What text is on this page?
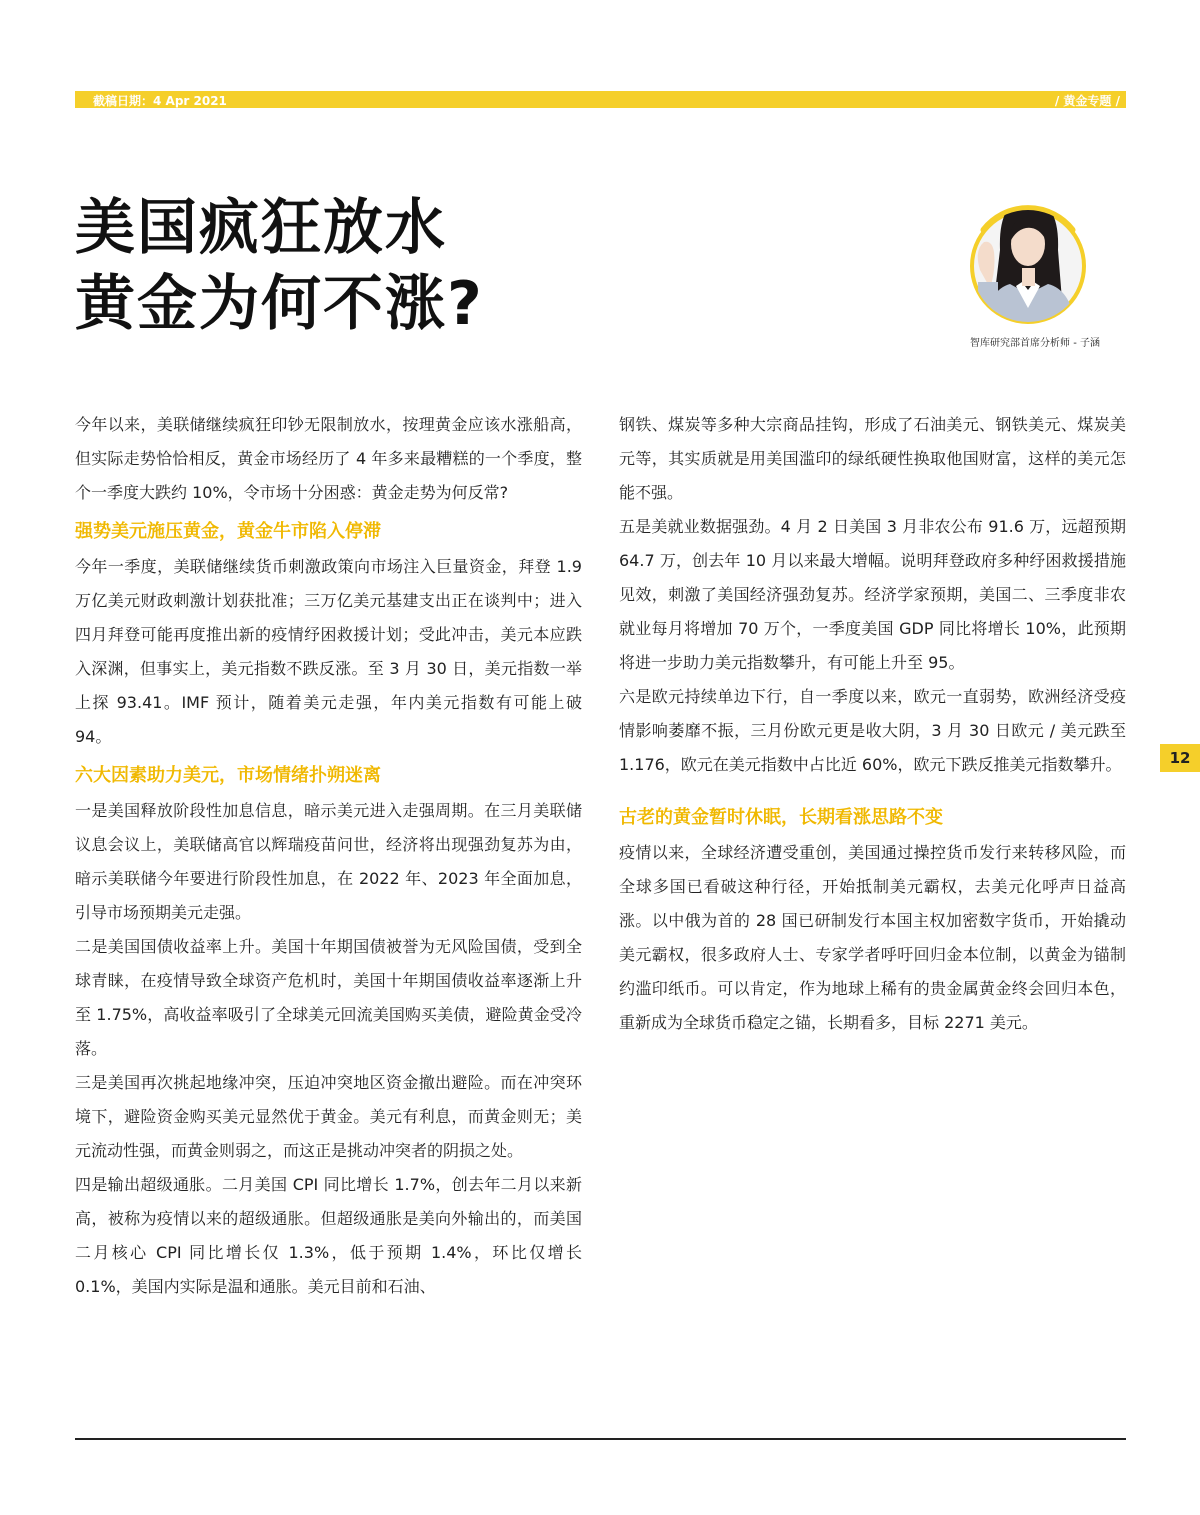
截稿日期：4 Apr 2021	/ 黄金专题 /
美国疯狂放水
黄金为何不涨?
智库研究部首席分析师 - 子涵

今年以来，美联储继续疯狂印钞无限制放水，按理黄金应该水涨船高，但实际走势恰恰相反，黄金市场经历了 4 年多来最糟糕的一个季度，整个一季度大跌约 10%，令市场十分困惑：黄金走势为何反常?

强势美元施压黄金，黄金牛市陷入停滞

今年一季度，美联储继续货币刺激政策向市场注入巨量资金，拜登 1.9 万亿美元财政刺激计划获批准；三万亿美元基建支出正在谈判中；进入四月拜登可能再度推出新的疫情纾困救援计划；受此冲击，美元本应跌入深渊，但事实上，美元指数不跌反涨。至 3 月 30 日，美元指数一举上探 93.41。IMF 预计，随着美元走强，年内美元指数有可能上破 94。

六大因素助力美元，市场情绪扑朔迷离

一是美国释放阶段性加息信息，暗示美元进入走强周期。在三月美联储议息会议上，美联储高官以辉瑞疫苗问世，经济将出现强劲复苏为由，暗示美联储今年要进行阶段性加息，在 2022 年、2023 年全面加息，引导市场预期美元走强。

二是美国国债收益率上升。美国十年期国债被誉为无风险国债，受到全球青睐，在疫情导致全球资产危机时，美国十年期国债收益率逐渐上升至 1.75%，高收益率吸引了全球美元回流美国购买美债，避险黄金受冷落。

三是美国再次挑起地缘冲突，压迫冲突地区资金撤出避险。而在冲突环境下，避险资金购买美元显然优于黄金。美元有利息，而黄金则无；美元流动性强，而黄金则弱之，而这正是挑动冲突者的阴损之处。

四是输出超级通胀。二月美国 CPI 同比增长 1.7%，创去年二月以来新高，被称为疫情以来的超级通胀。但超级通胀是美向外输出的，而美国二月核心 CPI 同比增长仅 1.3%，低于预期 1.4%，环比仅增长 0.1%，美国内实际是温和通胀。美元目前和石油、

钢铁、煤炭等多种大宗商品挂钩，形成了石油美元、钢铁美元、煤炭美元等，其实质就是用美国滥印的绿纸硬性换取他国财富，这样的美元怎能不强。

五是美就业数据强劲。4 月 2 日美国 3 月非农公布 91.6 万，远超预期 64.7 万，创去年 10 月以来最大增幅。说明拜登政府多种纾困救援措施见效，刺激了美国经济强劲复苏。经济学家预期，美国二、三季度非农就业每月将增加 70 万个，一季度美国 GDP 同比将增长 10%，此预期将进一步助力美元指数攀升，有可能上升至 95。

六是欧元持续单边下行，自一季度以来，欧元一直弱势，欧洲经济受疫情影响萎靡不振，三月份欧元更是收大阴，3 月 30 日欧元 / 美元跌至 1.176，欧元在美元指数中占比近 60%，欧元下跌反推美元指数攀升。

古老的黄金暂时休眠，长期看涨思路不变

疫情以来，全球经济遭受重创，美国通过操控货币发行来转移风险，而全球多国已看破这种行径，开始抵制美元霸权，去美元化呼声日益高涨。以中俄为首的 28 国已研制发行本国主权加密数字货币，开始撬动美元霸权，很多政府人士、专家学者呼吁回归金本位制，以黄金为锚制约滥印纸币。可以肯定，作为地球上稀有的贵金属黄金终会回归本色，重新成为全球货币稳定之锚，长期看多，目标 2271 美元。

12
